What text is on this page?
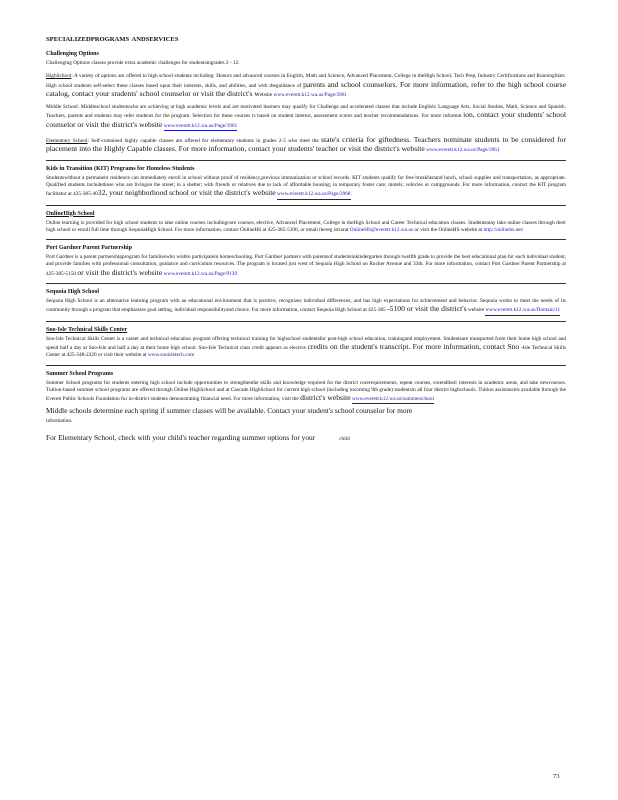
SPECIALIZEDPROGRAMS ANDSERVICES
Challenging Options

Challenging Options classes provide extra academic challenges for studentsingrades 2 - 12.

HighSchool: A variety of options are offered to high school students including: Honors and advanced courses in English, Math and Science, Advanced Placement, College in theHigh School, Tech Prep, Industry Certifications and RunningStart. High school students self-select these classes based upon their interests, skills, and abilities, and with theguidance of parents and school counselors. For more information, refer to the high school course catalog, contact your students' school counselor or visit the district's website www.everett.k12.wa.us/Page/3961

Middle School: Middleschool studentswho are achieving at high academic levels and are motivated learners may qualify for Challenge and accelerated classes that include English/ Language Arts, Social Studies, Math, Science and Spanish. Teachers, parents and students may refer students for the program. Selection for these courses is based on student interest, assessment scores and teacher recommendations. For more informat ion, contact your students' school counselor or visit the district's website www.everett.k12.wa.us/Page/3961

Elementary School: Self-contained highly capable classes are offered for elementary students in grades 2-5 who meet the state's criteria for giftedness. Teachers nominate students to be considered for placement into the Highly Capable classes. For more information, contact your students' teacher or visit the district's website www.everett.k12.wa.us/Page/3961

Kids in Transition (KIT) Programs for Homeless Students

Studentswithout a permanent residence can immediately enroll in school without proof of residency,previous immunization or school records. KIT students qualify for free breakfastand lunch, school supplies and transportation, as appropriate. Qualified students includethose who are livingon the street; in a shelter; with friends or relatives due to lack of affordable housing; in temporary foster care; motels; vehicles or campgrounds. For more information, contact the KIT program facilitator at 425-385-4032, your neighborhood school or visit the district's website www.everett.k12.wa.us/Page/3968

OnlineHigh School

Online learning is provided for high school students to take online courses includingcore courses, elective, Advanced Placement, College in theHigh School and Career Technical education classes. Studentsmay take online classes through their high school or enroll full time through SequoiaHigh School. For more information, contact OnlineHS at 425-385-5100, or email thereg istrarat OnlineHS@everett.k12.wa.us or visit the OnlineHS website at http://onlinehs.net/

Port Gardner Parent Partnership

Port Gardner is a parent partnershipprogram for familieswho wishto participatein homeschooling. Port Gardner partners with parentsof studentsinkindergarten through twelfth grade to provide the best educational plan for each individual student, and provide families with professional consultation, guidance and curriculum resources. The program is located just west of Sequoia High School on Rucker Avenue and 33th. For more information, contact Port Gardner Parent Partnership at 425-385-5150 or visit the district's website www.everett.k12.wa.us/Page/9139

Sequoia High School

Sequoia High School is an alternative learning program with an educational environment that is positive, recognizes individual differences, and has high expectations for achievement and behavior. Sequoia works to meet the needs of its community through a program that emphasizes goal setting, individual responsibilityand choice. For more information, contact Sequoia High School at 425-385 -5100 or visit the district's website www.everett.k12.wa.us/Domain/11

Sno-Isle Technical Skills Center

Sno-Isle Technical Skills Center is a career and technical education program offering technical training for highschool studentsfor post-high school education, trainingand employment. Studentsare transported from their home high school and spend half a day at Sno-Isle and half a day at their home high school. Sno-Isle Technical class credit appears as elective credits on the student's transcript. For more information, contact Sno -Isle Technical Skills Center at 425-348-2220 or visit their website at www.snoisletech.com

Summer School Programs

Summer School programs for students entering high school include opportunities to strengthenthe skills and knowledge required for the district corerequirements, repeat courses, extendtheir interests in academic areas, and take newcourses. Tuition-based summer school programs are offered through Online HighSchool and at Cascade HighSchool for current high school (including incoming 9th grade) studentsin all four district highschools. Tuition assistanceis available through the Everett Public Schools Foundation for in-district students demonstrating financial need. For more information, visit the district's website www.everett.k12.wa.us/summerschool

Middle schools determine each spring if summer classes will be available. Contact your student's school counselor for more
information.

For Elementary School, check with your child's teacher regarding summer options for your	child

73
